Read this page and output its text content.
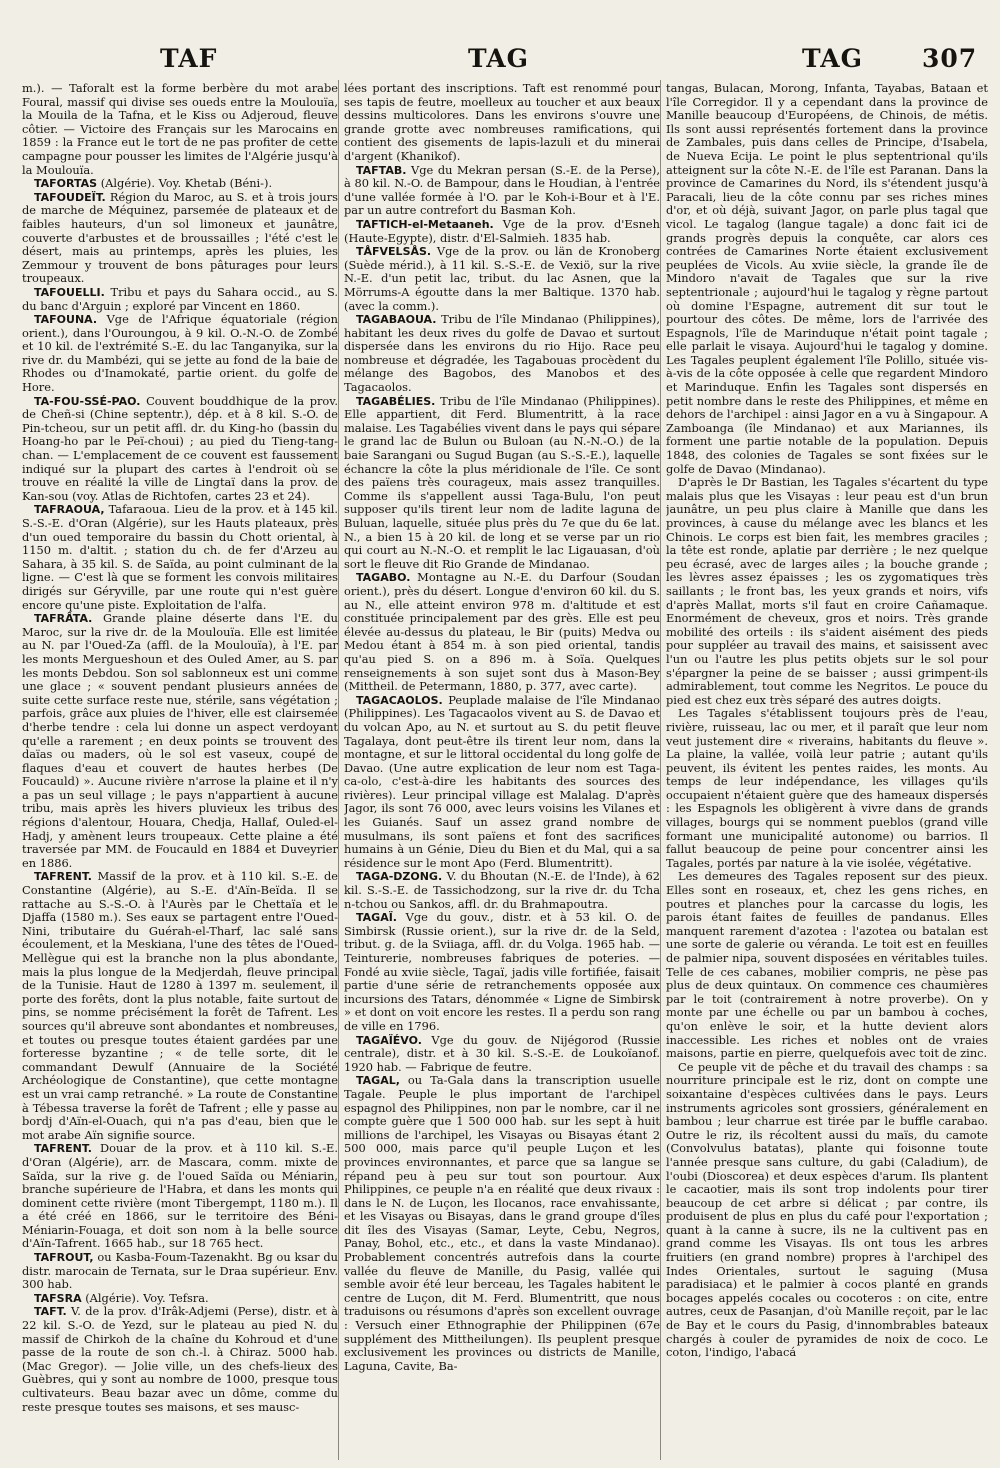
TAF	TAG	TAG 307

m.). — Taforalt est la forme berbère du mot arabe Foural, massif qui divise ses oueds entre la Moulouïa, la Mouila de la Tafna, et le Kiss ou Adjeroud, fleuve côtier. — Victoire des Français sur les Marocains en 1859 : la France eut le tort de ne pas profiter de cette campagne pour pousser les limites de l'Algérie jusqu'à la Moulouïa.

TAFORTAS (Algérie). Voy. Khetab (Béni-).

TAFOUDEÏT. Région du Maroc, au S. et à trois jours de marche de Méquinez, parsemée de plateaux et de faibles hauteurs, d'un sol limoneux et jaunâtre, couverte d'arbustes et de broussailles ; l'été c'est le désert, mais au printemps, après les pluies, les Zemmour y trouvent de bons pâturages pour leurs troupeaux.

TAFOUELLI. Tribu et pays du Sahara occid., au S. du banc d'Arguin ; exploré par Vincent en 1860.

TAFOUNA. Vge de l'Afrique équatoriale (région orient.), dans l'Ouroungou, à 9 kil. O.-N.-O. de Zombé et 10 kil. de l'extrémité S.-E. du lac Tanganyika, sur la rive dr. du Mambézi, qui se jette au fond de la baie de Rhodes ou d'Inamokaté, partie orient. du golfe de Hore.

TA-FOU-SSÉ-PAO. Couvent bouddhique de la prov. de Cheñ-si (Chine septentr.), dép. et à 8 kil. S.-O. de Pin-tcheou, sur un petit affl. dr. du King-ho (bassin du Hoang-ho par le Peï-choui) ; au pied du Tieng-tang-chan. — L'emplacement de ce couvent est faussement indiqué sur la plupart des cartes à l'endroit où se trouve en réalité la ville de Lingtaï dans la prov. de Kan-sou (voy. Atlas de Richtofen, cartes 23 et 24).

TAFRAOUA, Tafaraoua. Lieu de la prov. et à 145 kil. S.-S.-E. d'Oran (Algérie), sur les Hauts plateaux, près d'un oued temporaire du bassin du Chott oriental, à 1150 m. d'altit. ; station du ch. de fer d'Arzeu au Sahara, à 35 kil. S. de Saïda, au point culminant de la ligne. — C'est là que se forment les convois militaires dirigés sur Géryville, par une route qui n'est guère encore qu'une piste. Exploitation de l'alfa.

TAFRÂTA. Grande plaine déserte dans l'E. du Maroc, sur la rive dr. de la Moulouïa. Elle est limitée au N. par l'Oued-Za (affl. de la Moulouïa), à l'E. par les monts Mergueshoun et des Ouled Amer, au S. par les monts Debdou. Son sol sablonneux est uni comme une glace ; « souvent pendant plusieurs années de suite cette surface reste nue, stérile, sans végétation ; parfois, grâce aux pluies de l'hiver, elle est clairsemée d'herbe tendre : cela lui donne un aspect verdoyant qu'elle a rarement ; en deux points se trouvent des daïas ou maders, où le sol est vaseux, coupé de flaques d'eau et couvert de hautes herbes (De Foucauld) ». Aucune rivière n'arrose la plaine et il n'y a pas un seul village ; le pays n'appartient à aucune tribu, mais après les hivers pluvieux les tribus des régions d'alentour, Houara, Chedja, Hallaf, Ouled-el-Hadj, y amènent leurs troupeaux. Cette plaine a été traversée par MM. de Foucauld en 1884 et Duveyrier en 1886.

TAFRENT. Massif de la prov. et à 110 kil. S.-E. de Constantine (Algérie), au S.-E. d'Aïn-Beïda. Il se rattache au S.-S.-O. à l'Aurès par le Chettaïa et le Djaffa (1580 m.). Ses eaux se partagent entre l'Oued-Nini, tributaire du Guérah-el-Tharf, lac salé sans écoulement, et la Meskiana, l'une des têtes de l'Oued-Mellègue qui est la branche non la plus abondante, mais la plus longue de la Medjerdah, fleuve principal de la Tunisie. Haut de 1280 à 1397 m. seulement, il porte des forêts, dont la plus notable, faite surtout de pins, se nomme précisément la forêt de Tafrent. Les sources qu'il abreuve sont abondantes et nombreuses, et toutes ou presque toutes étaient gardées par une forteresse byzantine ; « de telle sorte, dit le commandant Dewulf (Annuaire de la Société Archéologique de Constantine), que cette montagne est un vrai camp retranché. » La route de Constantine à Tébessa traverse la forêt de Tafrent ; elle y passe au bordj d'Aïn-el-Ouach, qui n'a pas d'eau, bien que le mot arabe Aïn signifie source.

TAFRENT. Douar de la prov. et à 110 kil. S.-E. d'Oran (Algérie), arr. de Mascara, comm. mixte de Saïda, sur la rive g. de l'oued Saïda ou Méniarin, branche supérieure de l'Habra, et dans les monts qui dominent cette rivière (mont Tibergempt, 1180 m.). Il a été créé en 1866, sur le territoire des Béni-Méniarin-Fouaga, et doit son nom à la belle source d'Aïn-Tafrent. 1665 hab., sur 18 765 hect.

TAFROUT, ou Kasba-Foum-Tazenakht. Bg ou ksar du distr. marocain de Ternata, sur le Draa supérieur. Env. 300 hab.

TAFSRA (Algérie). Voy. Tefsra.

TAFT. V. de la prov. d'Irâk-Adjemi (Perse), distr. et à 22 kil. S.-O. de Yezd, sur le plateau au pied N. du massif de Chirkoh de la chaîne du Kohroud et d'une passe de la route de son ch.-l. à Chiraz. 5000 hab. (Mac Gregor). — Jolie ville, un des chefs-lieux des Guèbres, qui y sont au nombre de 1000, presque tous cultivateurs. Beau bazar avec un dôme, comme du reste presque toutes ses maisons, et ses mausc-

lées portant des inscriptions. Taft est renommé pour ses tapis de feutre, moelleux au toucher et aux beaux dessins multicolores. Dans les environs s'ouvre une grande grotte avec nombreuses ramifications, qui contient des gisements de lapis-lazuli et du minerai d'argent (Khanikof).

TAFTAB. Vge du Mekran persan (S.-E. de la Perse), à 80 kil. N.-O. de Bampour, dans le Houdian, à l'entrée d'une vallée formée à l'O. par le Koh-i-Bour et à l'E. par un autre contrefort du Basman Koh.

TAFTICH-el-Metaaneh. Vge de la prov. d'Esneh (Haute-Egypte), distr. d'El-Salmieh. 1835 hab.

TÅFVELSÅS. Vge de la prov. ou län de Kronoberg (Suède mérid.), à 11 kil. S.-S.-E. de Vexiö, sur la rive N.-E. d'un petit lac, tribut. du lac Asnen, que la Mörrums-A égoutte dans la mer Baltique. 1370 hab. (avec la comm.).

TAGABAOUA. Tribu de l'île Mindanao (Philippines), habitant les deux rives du golfe de Davao et surtout dispersée dans les environs du rio Hijo. Race peu nombreuse et dégradée, les Tagabouas procèdent du mélange des Bagobos, des Manobos et des Tagacaolos.

TAGABÉLIES. Tribu de l'île Mindanao (Philippines). Elle appartient, dit Ferd. Blumentritt, à la race malaise. Les Tagabélies vivent dans le pays qui sépare le grand lac de Bulun ou Buloan (au N.-N.-O.) de la baie Sarangani ou Sugud Bugan (au S.-S.-E.), laquelle échancre la côte la plus méridionale de l'île. Ce sont des païens très courageux, mais assez tranquilles. Comme ils s'appellent aussi Taga-Bulu, l'on peut supposer qu'ils tirent leur nom de ladite laguna de Buluan, laquelle, située plus près du 7e que du 6e lat. N., a bien 15 à 20 kil. de long et se verse par un rio qui court au N.-N.-O. et remplit le lac Ligauasan, d'où sort le fleuve dit Rio Grande de Mindanao.

TAGABO. Montagne au N.-E. du Darfour (Soudan orient.), près du désert. Longue d'environ 60 kil. du S. au N., elle atteint environ 978 m. d'altitude et est constituée principalement par des grès. Elle est peu élevée au-dessus du plateau, le Bir (puits) Medva ou Medou étant à 854 m. à son pied oriental, tandis qu'au pied S. on a 896 m. à Soïa. Quelques renseignements à son sujet sont dus à Mason-Bey (Mittheil. de Petermann, 1880, p. 377, avec carte).

TAGACAOLOS. Peuplade malaise de l'île Mindanao (Philippines). Les Tagacaolos vivent au S. de Davao et du volcan Apo, au N. et surtout au S. du petit fleuve Tagalaya, dont peut-être ils tirent leur nom, dans la montagne, et sur le littoral occidental du long golfe de Davao. (Une autre explication de leur nom est Taga-ca-olo, c'est-à-dire les habitants des sources des rivières). Leur principal village est Malalag. D'après Jagor, ils sont 76 000, avec leurs voisins les Vilanes et les Guianés. Sauf un assez grand nombre de musulmans, ils sont païens et font des sacrifices humains à un Génie, Dieu du Bien et du Mal, qui a sa résidence sur le mont Apo (Ferd. Blumentritt).

TAGA-DZONG. V. du Bhoutan (N.-E. de l'Inde), à 62 kil. S.-S.-E. de Tassichodzong, sur la rive dr. du Tcha n-tchou ou Sankos, affl. dr. du Brahmapoutra.

TAGAÏ. Vge du gouv., distr. et à 53 kil. O. de Simbirsk (Russie orient.), sur la rive dr. de la Seld, tribut. g. de la Sviiaga, affl. dr. du Volga. 1965 hab. — Teinturerie, nombreuses fabriques de poteries. — Fondé au xviie siècle, Tagaï, jadis ville fortifiée, faisait partie d'une série de retranchements opposée aux incursions des Tatars, dénommée « Ligne de Simbirsk » et dont on voit encore les restes. Il a perdu son rang de ville en 1796.

TAGAÏÉVO. Vge du gouv. de Nijégorod (Russie centrale), distr. et à 30 kil. S.-S.-E. de Loukoïanof. 1920 hab. — Fabrique de feutre.

TAGAL, ou Ta-Gala dans la transcription usuelle Tagale. Peuple le plus important de l'archipel espagnol des Philippines, non par le nombre, car il ne compte guère que 1 500 000 hab. sur les sept à huit millions de l'archipel, les Visayas ou Bisayas étant 2 500 000, mais parce qu'il peuple Luçon et les provinces environnantes, et parce que sa langue se répand peu à peu sur tout son pourtour. Aux Philippines, ce peuple n'a en réalité que deux rivaux : dans le N. de Luçon, les Ilocanos, race envahissante, et les Visayas ou Bisayas, dans le grand groupe d'îles dit îles des Visayas (Samar, Leyte, Cebu, Negros, Panay, Bohol, etc., etc., et dans la vaste Mindanao). Probablement concentrés autrefois dans la courte vallée du fleuve de Manille, du Pasig, vallée qui semble avoir été leur berceau, les Tagales habitent le centre de Luçon, dit M. Ferd. Blumentritt, que nous traduisons ou résumons d'après son excellent ouvrage : Versuch einer Ethnographie der Philippinen (67e supplément des Mittheilungen). Ils peuplent presque exclusivement les provinces ou districts de Manille, Laguna, Cavite, Ba-

tangas, Bulacan, Morong, Infanta, Tayabas, Bataan et l'île Corregidor. Il y a cependant dans la province de Manille beaucoup d'Européens, de Chinois, de métis. Ils sont aussi représentés fortement dans la province de Zambales, puis dans celles de Principe, d'Isabela, de Nueva Ecija. Le point le plus septentrional qu'ils atteignent sur la côte N.-E. de l'île est Paranan. Dans la province de Camarines du Nord, ils s'étendent jusqu'à Paracali, lieu de la côte connu par ses riches mines d'or, et où déjà, suivant Jagor, on parle plus tagal que vicol. Le tagalog (langue tagale) a donc fait ici de grands progrès depuis la conquête, car alors ces contrées de Camarines Norte étaient exclusivement peuplées de Vicols. Au xviie siècle, la grande île de Mindoro n'avait de Tagales que sur la rive septentrionale ; aujourd'hui le tagalog y règne partout où domine l'Espagne, autrement dit sur tout le pourtour des côtes. De même, lors de l'arrivée des Espagnols, l'île de Marinduque n'était point tagale ; elle parlait le visaya. Aujourd'hui le tagalog y domine. Les Tagales peuplent également l'île Polillo, située vis-à-vis de la côte opposée à celle que regardent Mindoro et Marinduque. Enfin les Tagales sont dispersés en petit nombre dans le reste des Philippines, et même en dehors de l'archipel : ainsi Jagor en a vu à Singapour. A Zamboanga (île Mindanao) et aux Mariannes, ils forment une partie notable de la population. Depuis 1848, des colonies de Tagales se sont fixées sur le golfe de Davao (Mindanao).

D'après le Dr Bastian, les Tagales s'écartent du type malais plus que les Visayas : leur peau est d'un brun jaunâtre, un peu plus claire à Manille que dans les provinces, à cause du mélange avec les blancs et les Chinois. Le corps est bien fait, les membres graciles ; la tête est ronde, aplatie par derrière ; le nez quelque peu écrasé, avec de larges ailes ; la bouche grande ; les lèvres assez épaisses ; les os zygomatiques très saillants ; le front bas, les yeux grands et noirs, vifs d'après Mallat, morts s'il faut en croire Cañamaque. Enormément de cheveux, gros et noirs. Très grande mobilité des orteils : ils s'aident aisément des pieds pour suppléer au travail des mains, et saisissent avec l'un ou l'autre les plus petits objets sur le sol pour s'épargner la peine de se baisser ; aussi grimpent-ils admirablement, tout comme les Negritos. Le pouce du pied est chez eux très séparé des autres doigts.

Les Tagales s'établissent toujours près de l'eau, rivière, ruisseau, lac ou mer, et il paraît que leur nom veut justement dire « riverains, habitants du fleuve ». La plaine, la vallée, voilà leur patrie ; autant qu'ils peuvent, ils évitent les pentes raides, les monts. Au temps de leur indépendance, les villages qu'ils occupaient n'étaient guère que des hameaux dispersés : les Espagnols les obligèrent à vivre dans de grands villages, bourgs qui se nomment pueblos (grand ville formant une municipalité autonome) ou barrios. Il fallut beaucoup de peine pour concentrer ainsi les Tagales, portés par nature à la vie isolée, végétative.

Les demeures des Tagales reposent sur des pieux. Elles sont en roseaux, et, chez les gens riches, en poutres et planches pour la carcasse du logis, les parois étant faites de feuilles de pandanus. Elles manquent rarement d'azotea : l'azotea ou batalan est une sorte de galerie ou véranda. Le toit est en feuilles de palmier nipa, souvent disposées en véritables tuiles. Telle de ces cabanes, mobilier compris, ne pèse pas plus de deux quintaux. On commence ces chaumières par le toit (contrairement à notre proverbe). On y monte par une échelle ou par un bambou à coches, qu'on enlève le soir, et la hutte devient alors inaccessible. Les riches et nobles ont de vraies maisons, partie en pierre, quelquefois avec toit de zinc.

Ce peuple vit de pêche et du travail des champs : sa nourriture principale est le riz, dont on compte une soixantaine d'espèces cultivées dans le pays. Leurs instruments agricoles sont grossiers, généralement en bambou ; leur charrue est tirée par le buffle carabao. Outre le riz, ils récoltent aussi du maïs, du camote (Convolvulus batatas), plante qui foisonne toute l'année presque sans culture, du gabi (Caladium), de l'oubi (Dioscorea) et deux espèces d'arum. Ils plantent le cacaotier, mais ils sont trop indolents pour tirer beaucoup de cet arbre si délicat ; par contre, ils produisent de plus en plus du café pour l'exportation ; quant à la canne à sucre, ils ne la cultivent pas en grand comme les Visayas. Ils ont tous les arbres fruitiers (en grand nombre) propres à l'archipel des Indes Orientales, surtout le saguing (Musa paradisiaca) et le palmier à cocos planté en grands bocages appelés cocales ou cocoteros : on cite, entre autres, ceux de Pasanjan, d'où Manille reçoit, par le lac de Bay et le cours du Pasig, d'innombrables bateaux chargés à couler de pyramides de noix de coco. Le coton, l'indigo, l'abacá
